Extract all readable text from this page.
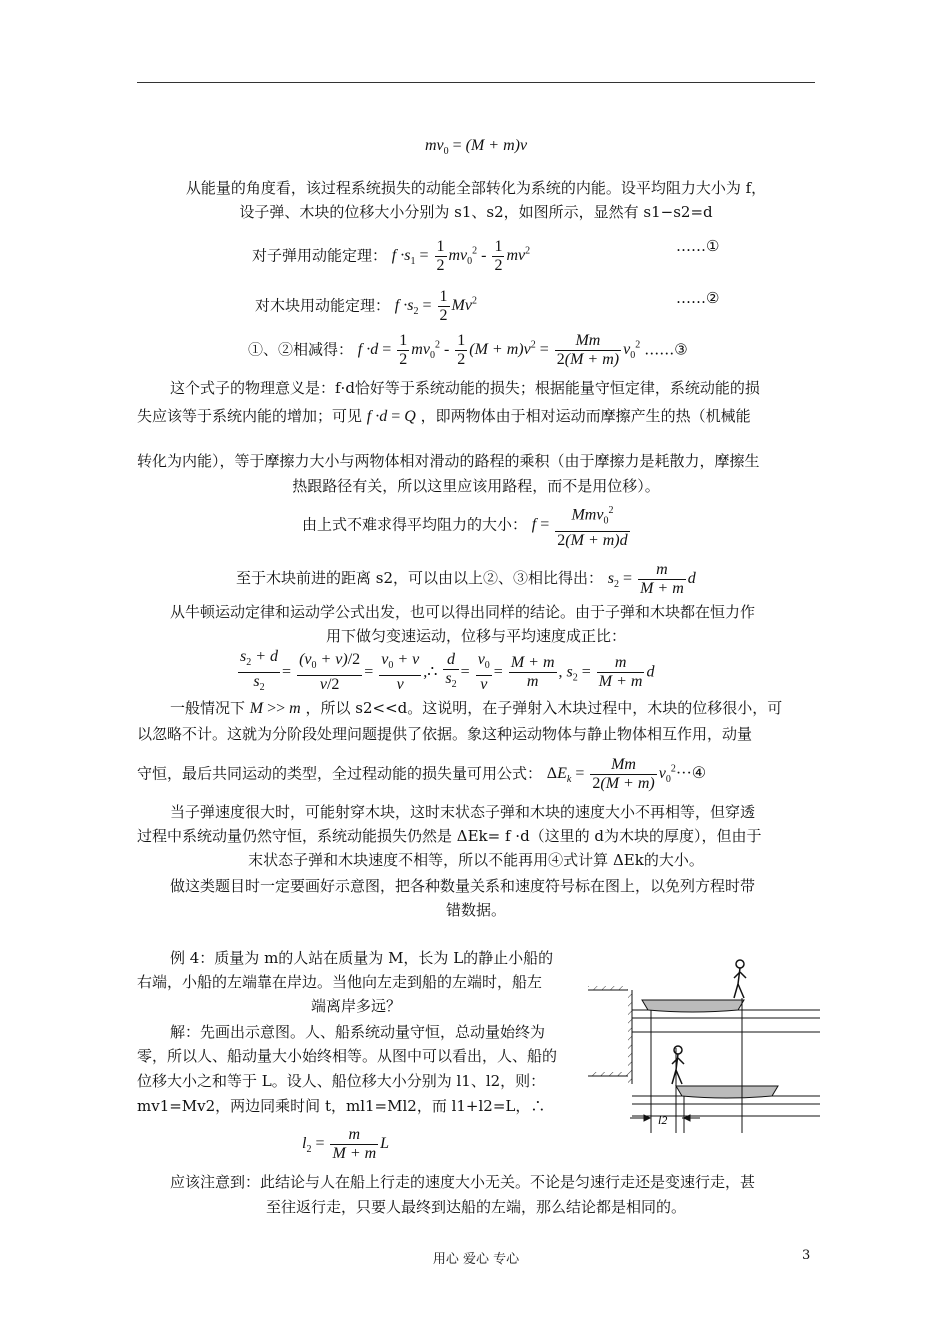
$mv_0 = (M + m)v$
从能量的角度看，该过程系统损失的动能全部转化为系统的内能。设平均阻力大小为 f，
设子弹、木块的位移大小分别为 s1、s2，如图所示，显然有 s1−s2=d
对子弹用动能定理： $f \cdot s_1 = \frac{1}{2} mv_0^2 - \frac{1}{2} mv^2$	……①
对木块用动能定理： $f \cdot s_2 = \frac{1}{2} Mv^2$	……②
①、②相减得： $f \cdot d = \frac{1}{2} mv_0^2 - \frac{1}{2} (M + m)v^2 = \frac{Mm}{2(M + m)} v_0^2$ ……③
这个式子的物理意义是：f·d恰好等于系统动能的损失；根据能量守恒定律，系统动能的损
失应该等于系统内能的增加；可见 f ·d = Q ，即两物体由于相对运动而摩擦产生的热（机械能
转化为内能），等于摩擦力大小与两物体相对滑动的路程的乘积（由于摩擦力是耗散力，摩擦生
热跟路径有关，所以这里应该用路程，而不是用位移）。
由上式不难求得平均阻力的大小： $f = \frac{Mmv_0^2}{2(M + m)d}$
至于木块前进的距离 s2，可以由以上②、③相比得出： $s_2 = \frac{m}{M + m}$ d
从牛顿运动定律和运动学公式出发，也可以得出同样的结论。由于子弹和木块都在恒力作
用下做匀变速运动，位移与平均速度成正比：
$\frac{s_2 + d}{s_2} = \frac{(v_0 + v)/2}{v/2} = \frac{v_0 + v}{v}$ ,∴ $\frac{d}{s_2} = \frac{v_0}{v} = \frac{M + m}{m}$ , $s_2 = \frac{m}{M + m}$ d
一般情况下 M >> m ，所以 s2<<d。这说明，在子弹射入木块过程中，木块的位移很小，可
以忽略不计。这就为分阶段处理问题提供了依据。象这种运动物体与静止物体相互作用，动量
守恒，最后共同运动的类型，全过程动能的损失量可用公式： $\Delta E_k = \frac{Mm}{2(M + m)}$ $v_0^2\cdot\cdot\cdot ④$
当子弹速度很大时，可能射穿木块，这时末状态子弹和木块的速度大小不再相等，但穿透
过程中系统动量仍然守恒，系统动能损失仍然是 ΔEk= f ·d（这里的 d为木块的厚度），但由于
末状态子弹和木块速度不相等，所以不能再用④式计算 ΔEk的大小。
做这类题目时一定要画好示意图，把各种数量关系和速度符号标在图上，以免列方程时带
错数据。
例 4：质量为 m的人站在质量为 M，长为 L的静止小船的
右端，小船的左端靠在岸边。当他向左走到船的左端时，船左
端离岸多远？
解：先画出示意图。人、船系统动量守恒，总动量始终为
零，所以人、船动量大小始终相等。从图中可以看出，人、船的
位移大小之和等于 L。设人、船位移大小分别为 l1、l2，则：
mv1=Mv2，两边同乘时间 t，ml1=Ml2，而 l1+l2=L，∴
$l_2 = \frac{m}{M + m}$ L
l2
应该注意到：此结论与人在船上行走的速度大小无关。不论是匀速行走还是变速行走，甚
至往返行走，只要人最终到达船的左端，那么结论都是相同的。
用心 爱心 专心	3
